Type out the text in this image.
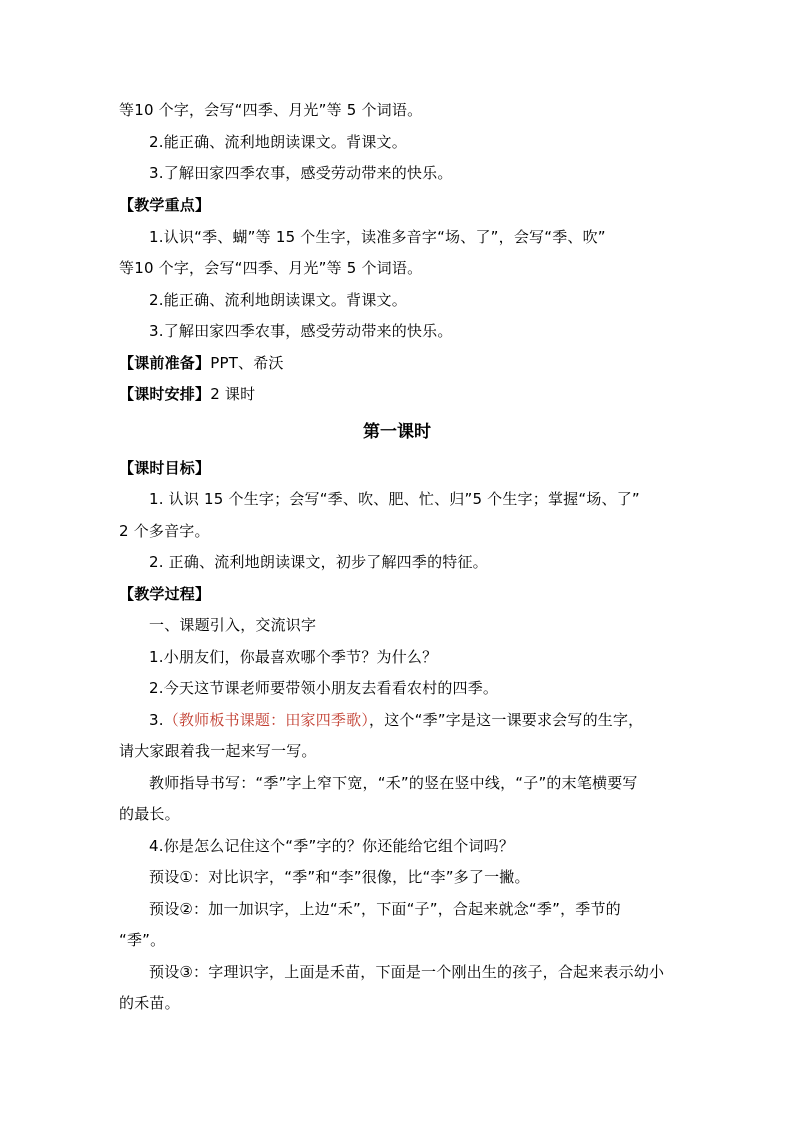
等10 个字，会写“四季、月光”等 5 个词语。
2.能正确、流利地朗读课文。背课文。
3.了解田家四季农事，感受劳动带来的快乐。
【教学重点】
1.认识“季、蝴”等 15 个生字，读准多音字“场、了”，会写“季、吹”
等10 个字，会写“四季、月光”等 5 个词语。
2.能正确、流利地朗读课文。背课文。
3.了解田家四季农事，感受劳动带来的快乐。
【课前准备】PPT、希沃
【课时安排】2 课时
第一课时
【课时目标】
1. 认识 15 个生字；会写“季、吹、肥、忙、归”5 个生字；掌握“场、了”
2 个多音字。
2. 正确、流利地朗读课文，初步了解四季的特征。
【教学过程】
一、课题引入，交流识字
1.小朋友们，你最喜欢哪个季节？为什么？
2.今天这节课老师要带领小朋友去看看农村的四季。
3.（教师板书课题：田家四季歌），这个“季”字是这一课要求会写的生字，
请大家跟着我一起来写一写。
教师指导书写：“季”字上窄下宽，“禾”的竖在竖中线，“子”的末笔横要写
的最长。
4.你是怎么记住这个“季”字的？你还能给它组个词吗？
预设①：对比识字，“季”和“李”很像，比“李”多了一撇。
预设②：加一加识字，上边“禾”，下面“子”，合起来就念“季”，季节的
“季”。
预设③：字理识字，上面是禾苗，下面是一个刚出生的孩子，合起来表示幼小
的禾苗。
